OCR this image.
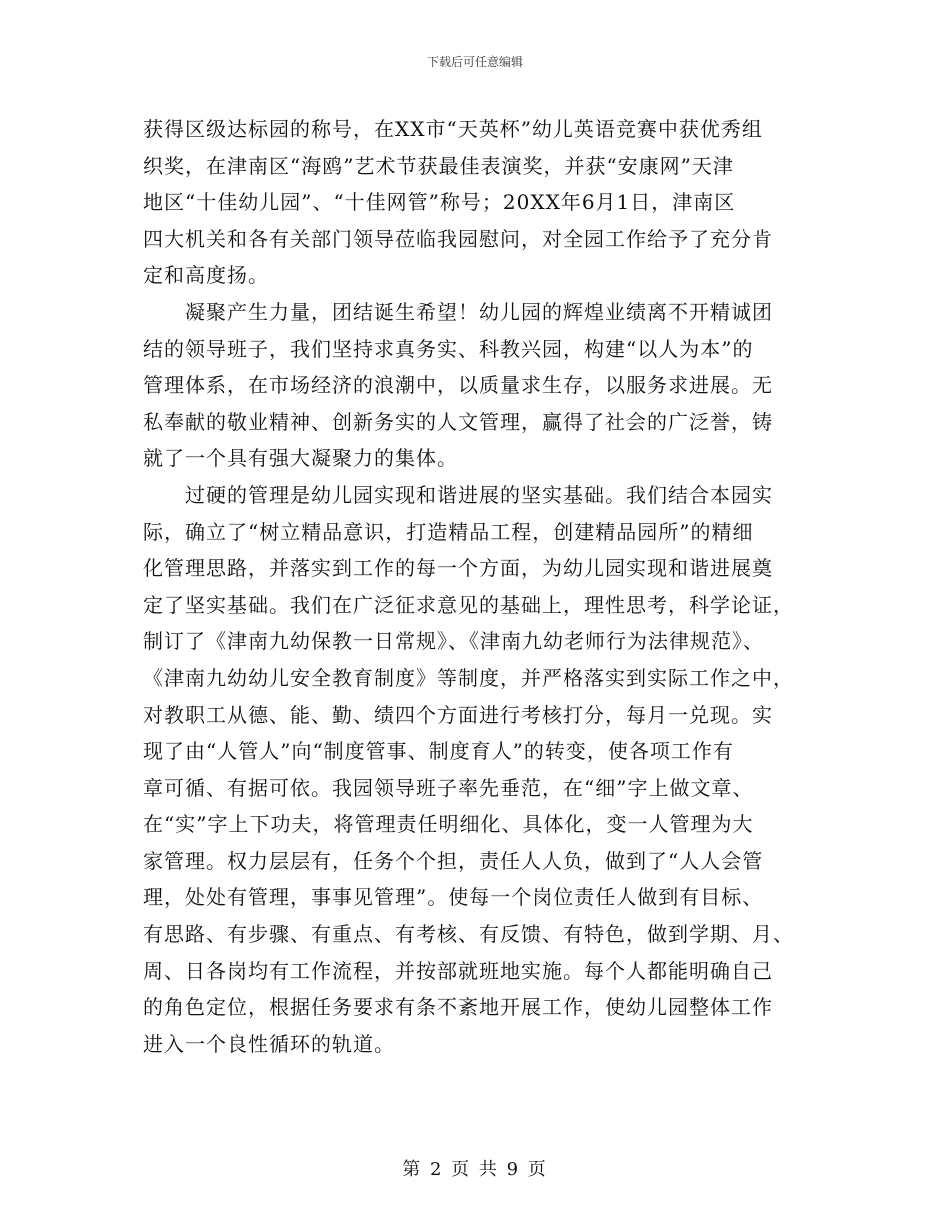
下载后可任意编辑
获得区级达标园的称号，在XX市“天英杯”幼儿英语竞赛中获优秀组
织奖，在津南区“海鸥”艺术节获最佳表演奖，并获“安康网”天津
地区“十佳幼儿园”、“十佳网管”称号；20XX年6月1日，津南区
四大机关和各有关部门领导莅临我园慰问，对全园工作给予了充分肯
定和高度扬。
凝聚产生力量，团结诞生希望！幼儿园的辉煌业绩离不开精诚团
结的领导班子，我们坚持求真务实、科教兴园，构建“以人为本”的
管理体系，在市场经济的浪潮中，以质量求生存，以服务求进展。无
私奉献的敬业精神、创新务实的人文管理，赢得了社会的广泛誉，铸
就了一个具有强大凝聚力的集体。
过硬的管理是幼儿园实现和谐进展的坚实基础。我们结合本园实
际，确立了“树立精品意识，打造精品工程，创建精品园所”的精细
化管理思路，并落实到工作的每一个方面，为幼儿园实现和谐进展奠
定了坚实基础。我们在广泛征求意见的基础上，理性思考，科学论证，
制订了《津南九幼保教一日常规》、《津南九幼老师行为法律规范》、
《津南九幼幼儿安全教育制度》等制度，并严格落实到实际工作之中，
对教职工从德、能、勤、绩四个方面进行考核打分，每月一兑现。实
现了由“人管人”向“制度管事、制度育人”的转变，使各项工作有
章可循、有据可依。我园领导班子率先垂范，在“细”字上做文章、
在“实”字上下功夫，将管理责任明细化、具体化，变一人管理为大
家管理。权力层层有，任务个个担，责任人人负，做到了“人人会管
理，处处有管理，事事见管理”。使每一个岗位责任人做到有目标、
有思路、有步骤、有重点、有考核、有反馈、有特色，做到学期、月、
周、日各岗均有工作流程，并按部就班地实施。每个人都能明确自己
的角色定位，根据任务要求有条不紊地开展工作，使幼儿园整体工作
进入一个良性循环的轨道。
第 2 页 共 9 页
